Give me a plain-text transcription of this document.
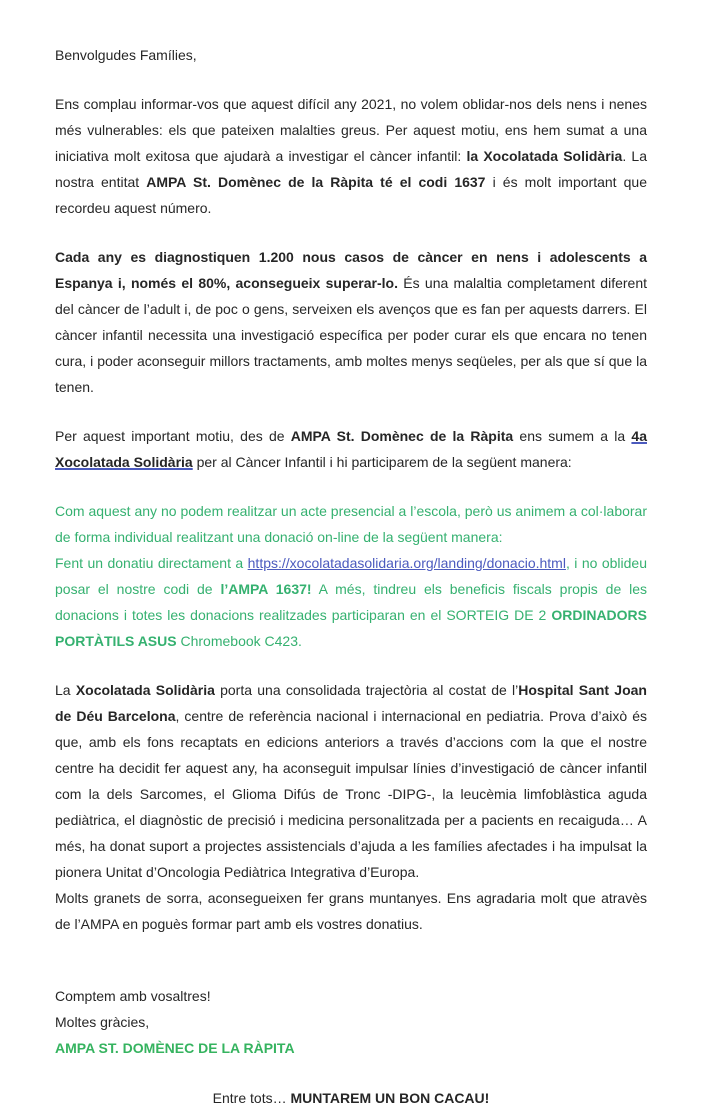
Benvolgudes Famílies,

Ens complau informar-vos que aquest difícil any 2021, no volem oblidar-nos dels nens i nenes més vulnerables: els que pateixen malalties greus. Per aquest motiu, ens hem sumat a una iniciativa molt exitosa que ajudarà a investigar el càncer infantil: la Xocolatada Solidària. La nostra entitat AMPA St. Domènec de la Ràpita té el codi 1637 i és molt important que recordeu aquest número.

Cada any es diagnostiquen 1.200 nous casos de càncer en nens i adolescents a Espanya i, només el 80%, aconsegueix superar-lo. És una malaltia completament diferent del càncer de l’adult i, de poc o gens, serveixen els avenços que es fan per aquests darrers. El càncer infantil necessita una investigació específica per poder curar els que encara no tenen cura, i poder aconseguir millors tractaments, amb moltes menys seqüeles, per als que sí que la tenen.

Per aquest important motiu, des de AMPA St. Domènec de la Ràpita ens sumem a la 4a Xocolatada Solidària per al Càncer Infantil i hi participarem de la següent manera:

Com aquest any no podem realitzar un acte presencial a l’escola, però us animem a col·laborar de forma individual realitzant una donació on-line de la següent manera:
Fent un donatiu directament a https://xocolatadasolidaria.org/landing/donacio.html, i no oblideu posar el nostre codi de l’AMPA 1637! A més, tindreu els beneficis fiscals propis de les donacions i totes les donacions realitzades participaran en el SORTEIG DE 2 ORDINADORS PORTÀTILS ASUS Chromebook C423.

La Xocolatada Solidària porta una consolidada trajectòria al costat de l’Hospital Sant Joan de Déu Barcelona, centre de referència nacional i internacional en pediatria. Prova d’això és que, amb els fons recaptats en edicions anteriors a través d’accions com la que el nostre centre ha decidit fer aquest any, ha aconseguit impulsar línies d’investigació de càncer infantil com la dels Sarcomes, el Glioma Difús de Tronc -DIPG-, la leucèmia limfoblàstica aguda pediàtrica, el diagnòstic de precisió i medicina personalitzada per a pacients en recaiguda… A més, ha donat suport a projectes assistencials d’ajuda a les famílies afectades i ha impulsat la pionera Unitat d’Oncologia Pediàtrica Integrativa d’Europa.
Molts granets de sorra, aconsegueixen fer grans muntanyes. Ens agradaria molt que atravès de l’AMPA en poguès formar part amb els vostres donatius.

Comptem amb vosaltres!

Moltes gràcies,

AMPA ST. DOMÈNEC DE LA RÀPITA

Entre tots… MUNTAREM UN BON CACAU!
